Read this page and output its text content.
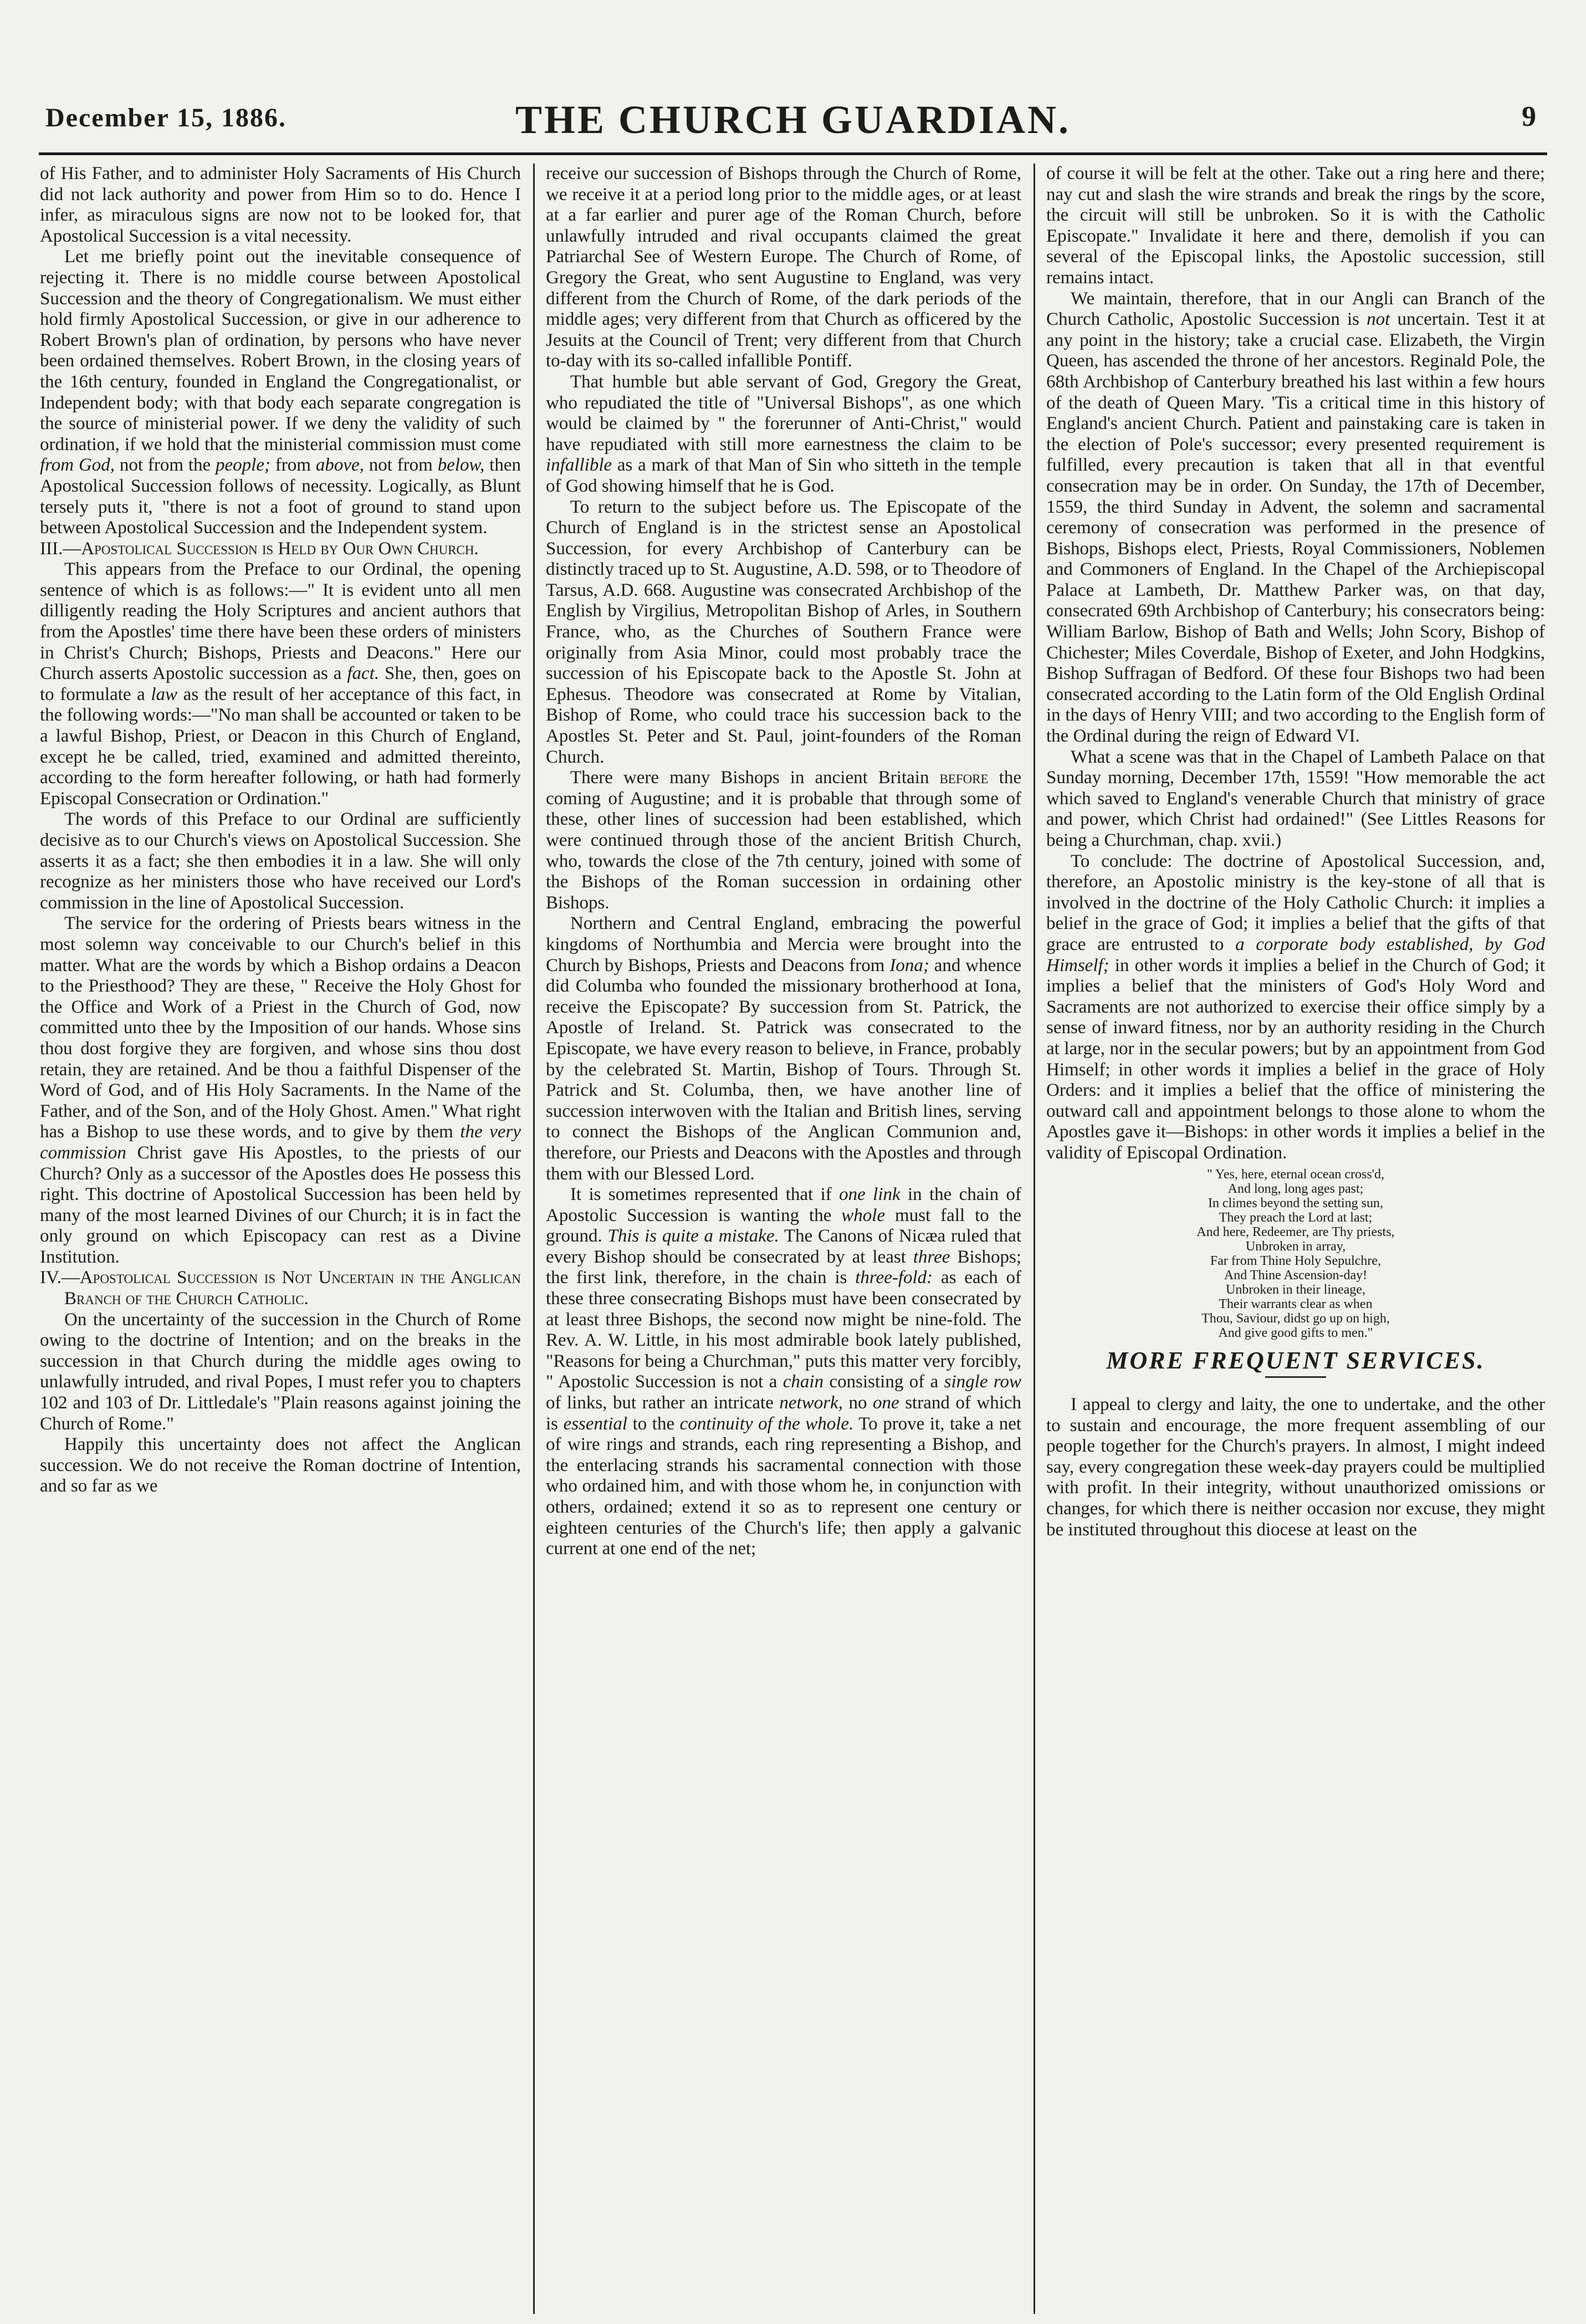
December 15, 1886.	THE CHURCH GUARDIAN.	9

of His Father, and to administer Holy Sacraments of His Church did not lack authority and power from Him so to do. Hence I infer, as miraculous signs are now not to be looked for, that Apostolical Succession is a vital necessity.

Let me briefly point out the inevitable consequence of rejecting it. There is no middle course between Apostolical Succession and the theory of Congregationalism. We must either hold firmly Apostolical Succession, or give in our adherence to Robert Brown's plan of ordination, by persons who have never been ordained themselves. Robert Brown, in the closing years of the 16th century, founded in England the Congregationalist, or Independent body; with that body each separate congregation is the source of ministerial power. If we deny the validity of such ordination, if we hold that the ministerial commission must come from God, not from the people; from above, not from below, then Apostolical Succession follows of necessity. Logically, as Blunt tersely puts it, "there is not a foot of ground to stand upon between Apostolical Succession and the Independent system.

III.—Apostolical Succession is Held by Our Own Church.

This appears from the Preface to our Ordinal, the opening sentence of which is as follows:—" It is evident unto all men dilligently reading the Holy Scriptures and ancient authors that from the Apostles' time there have been these orders of ministers in Christ's Church; Bishops, Priests and Deacons." Here our Church asserts Apostolic succession as a fact. She, then, goes on to formulate a law as the result of her acceptance of this fact, in the following words:—"No man shall be accounted or taken to be a lawful Bishop, Priest, or Deacon in this Church of England, except he be called, tried, examined and admitted thereinto, according to the form hereafter following, or hath had formerly Episcopal Consecration or Ordination."

The words of this Preface to our Ordinal are sufficiently decisive as to our Church's views on Apostolical Succession. She asserts it as a fact; she then embodies it in a law. She will only recognize as her ministers those who have received our Lord's commission in the line of Apostolical Succession.

The service for the ordering of Priests bears witness in the most solemn way conceivable to our Church's belief in this matter. What are the words by which a Bishop ordains a Deacon to the Priesthood? They are these, " Receive the Holy Ghost for the Office and Work of a Priest in the Church of God, now committed unto thee by the Imposition of our hands. Whose sins thou dost forgive they are forgiven, and whose sins thou dost retain, they are retained. And be thou a faithful Dispenser of the Word of God, and of His Holy Sacraments. In the Name of the Father, and of the Son, and of the Holy Ghost. Amen." What right has a Bishop to use these words, and to give by them the very commission Christ gave His Apostles, to the priests of our Church? Only as a successor of the Apostles does He possess this right. This doctrine of Apostolical Succession has been held by many of the most learned Divines of our Church; it is in fact the only ground on which Episcopacy can rest as a Divine Institution.

IV.—Apostolical Succession is Not Uncertain in the Anglican Branch of the Church Catholic.

On the uncertainty of the succession in the Church of Rome owing to the doctrine of Intention; and on the breaks in the succession in that Church during the middle ages owing to unlawfully intruded, and rival Popes, I must refer you to chapters 102 and 103 of Dr. Littledale's "Plain reasons against joining the Church of Rome."

Happily this uncertainty does not affect the Anglican succession. We do not receive the Roman doctrine of Intention, and so far as we

receive our succession of Bishops through the Church of Rome, we receive it at a period long prior to the middle ages, or at least at a far earlier and purer age of the Roman Church, before unlawfully intruded and rival occupants claimed the great Patriarchal See of Western Europe. The Church of Rome, of Gregory the Great, who sent Augustine to England, was very different from the Church of Rome, of the dark periods of the middle ages; very different from that Church as officered by the Jesuits at the Council of Trent; very different from that Church to-day with its so-called infallible Pontiff.

That humble but able servant of God, Gregory the Great, who repudiated the title of "Universal Bishops", as one which would be claimed by " the forerunner of Anti-Christ," would have repudiated with still more earnestness the claim to be infallible as a mark of that Man of Sin who sitteth in the temple of God showing himself that he is God.

To return to the subject before us. The Episcopate of the Church of England is in the strictest sense an Apostolical Succession, for every Archbishop of Canterbury can be distinctly traced up to St. Augustine, A.D. 598, or to Theodore of Tarsus, A.D. 668. Augustine was consecrated Archbishop of the English by Virgilius, Metropolitan Bishop of Arles, in Southern France, who, as the Churches of Southern France were originally from Asia Minor, could most probably trace the succession of his Episcopate back to the Apostle St. John at Ephesus. Theodore was consecrated at Rome by Vitalian, Bishop of Rome, who could trace his succession back to the Apostles St. Peter and St. Paul, joint-founders of the Roman Church.

There were many Bishops in ancient Britain before the coming of Augustine; and it is probable that through some of these, other lines of succession had been established, which were continued through those of the ancient British Church, who, towards the close of the 7th century, joined with some of the Bishops of the Roman succession in ordaining other Bishops.

Northern and Central England, embracing the powerful kingdoms of Northumbia and Mercia were brought into the Church by Bishops, Priests and Deacons from Iona; and whence did Columba who founded the missionary brotherhood at Iona, receive the Episcopate? By succession from St. Patrick, the Apostle of Ireland. St. Patrick was consecrated to the Episcopate, we have every reason to believe, in France, probably by the celebrated St. Martin, Bishop of Tours. Through St. Patrick and St. Columba, then, we have another line of succession interwoven with the Italian and British lines, serving to connect the Bishops of the Anglican Communion and, therefore, our Priests and Deacons with the Apostles and through them with our Blessed Lord.

It is sometimes represented that if one link in the chain of Apostolic Succession is wanting the whole must fall to the ground. This is quite a mistake. The Canons of Nicæa ruled that every Bishop should be consecrated by at least three Bishops; the first link, therefore, in the chain is three-fold: as each of these three consecrating Bishops must have been consecrated by at least three Bishops, the second now might be nine-fold. The Rev. A. W. Little, in his most admirable book lately published, "Reasons for being a Churchman," puts this matter very forcibly, " Apostolic Succession is not a chain consisting of a single row of links, but rather an intricate network, no one strand of which is essential to the continuity of the whole. To prove it, take a net of wire rings and strands, each ring representing a Bishop, and the enterlacing strands his sacramental connection with those who ordained him, and with those whom he, in conjunction with others, ordained; extend it so as to represent one century or eighteen centuries of the Church's life; then apply a galvanic current at one end of the net;

of course it will be felt at the other. Take out a ring here and there; nay cut and slash the wire strands and break the rings by the score, the circuit will still be unbroken. So it is with the Catholic Episcopate." Invalidate it here and there, demolish if you can several of the Episcopal links, the Apostolic succession, still remains intact.

We maintain, therefore, that in our Angli can Branch of the Church Catholic, Apostolic Succession is not uncertain. Test it at any point in the history; take a crucial case. Elizabeth, the Virgin Queen, has ascended the throne of her ancestors. Reginald Pole, the 68th Archbishop of Canterbury breathed his last within a few hours of the death of Queen Mary. 'Tis a critical time in this history of England's ancient Church. Patient and painstaking care is taken in the election of Pole's successor; every presented requirement is fulfilled, every precaution is taken that all in that eventful consecration may be in order. On Sunday, the 17th of December, 1559, the third Sunday in Advent, the solemn and sacramental ceremony of consecration was performed in the presence of Bishops, Bishops elect, Priests, Royal Commissioners, Noblemen and Commoners of England. In the Chapel of the Archiepiscopal Palace at Lambeth, Dr. Matthew Parker was, on that day, consecrated 69th Archbishop of Canterbury; his consecrators being: William Barlow, Bishop of Bath and Wells; John Scory, Bishop of Chichester; Miles Coverdale, Bishop of Exeter, and John Hodgkins, Bishop Suffragan of Bedford. Of these four Bishops two had been consecrated according to the Latin form of the Old English Ordinal in the days of Henry VIII; and two according to the English form of the Ordinal during the reign of Edward VI.

What a scene was that in the Chapel of Lambeth Palace on that Sunday morning, December 17th, 1559! "How memorable the act which saved to England's venerable Church that ministry of grace and power, which Christ had ordained!" (See Littles Reasons for being a Churchman, chap. xvii.)

To conclude: The doctrine of Apostolical Succession, and, therefore, an Apostolic ministry is the key-stone of all that is involved in the doctrine of the Holy Catholic Church: it implies a belief in the grace of God; it implies a belief that the gifts of that grace are entrusted to a corporate body established, by God Himself; in other words it implies a belief in the Church of God; it implies a belief that the ministers of God's Holy Word and Sacraments are not authorized to exercise their office simply by a sense of inward fitness, nor by an authority residing in the Church at large, nor in the secular powers; but by an appointment from God Himself; in other words it implies a belief in the grace of Holy Orders: and it implies a belief that the office of ministering the outward call and appointment belongs to those alone to whom the Apostles gave it—Bishops: in other words it implies a belief in the validity of Episcopal Ordination.

" Yes, here, eternal ocean cross'd,
And long, long ages past;
In climes beyond the setting sun,
They preach the Lord at last;
And here, Redeemer, are Thy priests,
Unbroken in array,
Far from Thine Holy Sepulchre,
And Thine Ascension-day!
Unbroken in their lineage,
Their warrants clear as when
Thou, Saviour, didst go up on high,
And give good gifts to men."
MORE FREQUENT SERVICES.

I appeal to clergy and laity, the one to undertake, and the other to sustain and encourage, the more frequent assembling of our people together for the Church's prayers. In almost, I might indeed say, every congregation these week-day prayers could be multiplied with profit. In their integrity, without unauthorized omissions or changes, for which there is neither occasion nor excuse, they might be instituted throughout this diocese at least on the
